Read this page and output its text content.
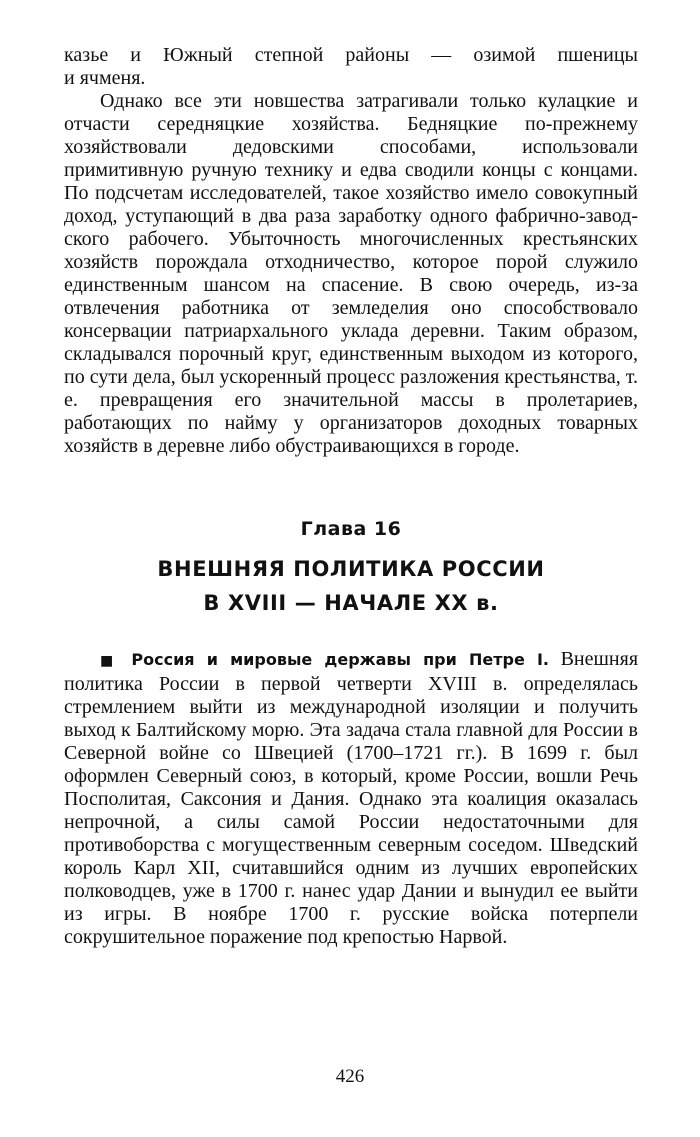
казье и Южный степной районы — озимой пшеницы
и ячменя.

Однако все эти новшества затрагивали только кулацкие и отчасти середняцкие хозяйства. Бедняцкие по-прежнему хозяйствовали дедовскими способами, использовали примитивную ручную технику и едва сводили концы с концами. По подсчетам исследователей, такое хозяйство имело совокупный доход, уступающий в два раза заработку одного фабрично-заводского рабочего. Убыточность многочисленных крестьянских хозяйств порождала отходничество, которое порой служило единственным шансом на спасение. В свою очередь, из-за отвлечения работника от земледелия оно способствовало консервации патриархального уклада деревни. Таким образом, складывался порочный круг, единственным выходом из которого, по сути дела, был ускоренный процесс разложения крестьянства, т. е. превращения его значительной массы в пролетариев, работающих по найму у организаторов доходных товарных хозяйств в деревне либо обустраивающихся в городе.

Глава 16
ВНЕШНЯЯ ПОЛИТИКА РОССИИ
В XVIII — НАЧАЛЕ XX в.

■ Россия и мировые державы при Петре I. Внешняя политика России в первой четверти XVIII в. определялась стремлением выйти из международной изоляции и получить выход к Балтийскому морю. Эта задача стала главной для России в Северной войне со Швецией (1700–1721 гг.). В 1699 г. был оформлен Северный союз, в который, кроме России, вошли Речь Посполитая, Саксония и Дания. Однако эта коалиция оказалась непрочной, а силы самой России недостаточными для противоборства с могущественным северным соседом. Шведский король Карл XII, считавшийся одним из лучших европейских полководцев, уже в 1700 г. нанес удар Дании и вынудил ее выйти из игры. В ноябре 1700 г. русские войска потерпели сокрушительное поражение под крепостью Нарвой.

426
